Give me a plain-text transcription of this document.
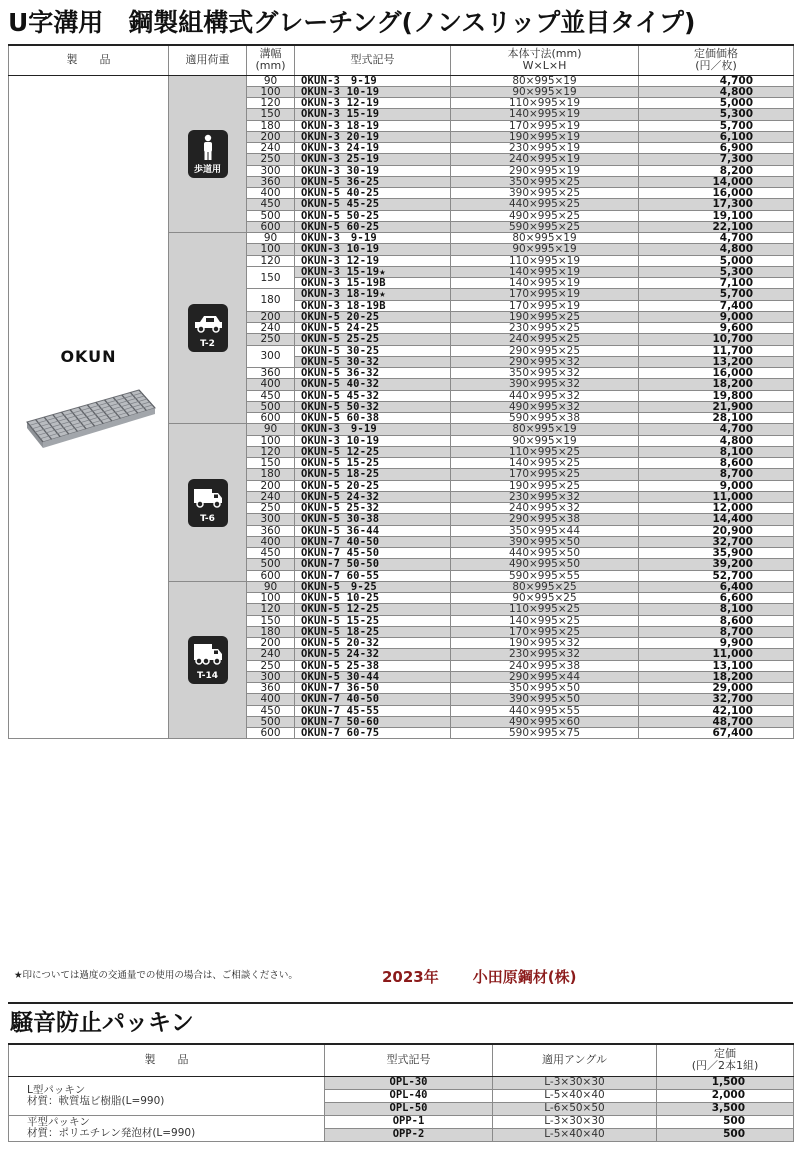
U字溝用　鋼製組構式グレーチング(ノンスリップ並目タイプ)
製　　品	適用荷重	溝幅
(mm)	型式記号	本体寸法(mm)
W×L×H	定価価格
(円／枚)

OKUN	歩道用	90	OKUN-3　9-19	80×995×19	4,700
		100	OKUN-3 10-19	90×995×19	4,800
		120	OKUN-3 12-19	110×995×19	5,000
		150	OKUN-3 15-19	140×995×19	5,300
		180	OKUN-3 18-19	170×995×19	5,700
		200	OKUN-3 20-19	190×995×19	6,100
		240	OKUN-3 24-19	230×995×19	6,900
		250	OKUN-3 25-19	240×995×19	7,300
		300	OKUN-3 30-19	290×995×19	8,200
		360	OKUN-5 36-25	350×995×25	14,000
		400	OKUN-5 40-25	390×995×25	16,000
		450	OKUN-5 45-25	440×995×25	17,300
		500	OKUN-5 50-25	490×995×25	19,100
		600	OKUN-5 60-25	590×995×25	22,100

	T-2	90	OKUN-3　9-19	80×995×19	4,700
		100	OKUN-3 10-19	90×995×19	4,800
		120	OKUN-3 12-19	110×995×19	5,000
		150	OKUN-3 15-19★	140×995×19	5,300
			OKUN-3 15-19B	140×995×19	7,100
		180	OKUN-3 18-19★	170×995×19	5,700
			OKUN-3 18-19B	170×995×19	7,400
		200	OKUN-5 20-25	190×995×25	9,000
		240	OKUN-5 24-25	230×995×25	9,600
		250	OKUN-5 25-25	240×995×25	10,700
		300	OKUN-5 30-25	290×995×25	11,700
			OKUN-5 30-32	290×995×32	13,200
		360	OKUN-5 36-32	350×995×32	16,000
		400	OKUN-5 40-32	390×995×32	18,200
		450	OKUN-5 45-32	440×995×32	19,800
		500	OKUN-5 50-32	490×995×32	21,900
		600	OKUN-5 60-38	590×995×38	28,100

	T-6	90	OKUN-3　9-19	80×995×19	4,700
		100	OKUN-3 10-19	90×995×19	4,800
		120	OKUN-5 12-25	110×995×25	8,100
		150	OKUN-5 15-25	140×995×25	8,600
		180	OKUN-5 18-25	170×995×25	8,700
		200	OKUN-5 20-25	190×995×25	9,000
		240	OKUN-5 24-32	230×995×32	11,000
		250	OKUN-5 25-32	240×995×32	12,000
		300	OKUN-5 30-38	290×995×38	14,400
		360	OKUN-5 36-44	350×995×44	20,900
		400	OKUN-7 40-50	390×995×50	32,700
		450	OKUN-7 45-50	440×995×50	35,900
		500	OKUN-7 50-50	490×995×50	39,200
		600	OKUN-7 60-55	590×995×55	52,700

	T-14	90	OKUN-5　9-25	80×995×25	6,400
		100	OKUN-5 10-25	90×995×25	6,600
		120	OKUN-5 12-25	110×995×25	8,100
		150	OKUN-5 15-25	140×995×25	8,600
		180	OKUN-5 18-25	170×995×25	8,700
		200	OKUN-5 20-32	190×995×32	9,900
		240	OKUN-5 24-32	230×995×32	11,000
		250	OKUN-5 25-38	240×995×38	13,100
		300	OKUN-5 30-44	290×995×44	18,200
		360	OKUN-7 36-50	350×995×50	29,000
		400	OKUN-7 40-50	390×995×50	32,700
		450	OKUN-7 45-55	440×995×55	42,100
		500	OKUN-7 50-60	490×995×60	48,700
		600	OKUN-7 60-75	590×995×75	67,400
★印については過度の交通量での使用の場合は、ご相談ください。	2023年 小田原鋼材(株)
騒音防止パッキン
製　　品	型式記号	適用アングル	定価
(円／2本1組)

L型パッキン
材質：軟質塩ビ樹脂(L=990)	OPL-30	L-3×30×30	1,500
	OPL-40	L-5×40×40	2,000
	OPL-50	L-6×50×50	3,500

平型パッキン
材質：ポリエチレン発泡材(L=990)	OPP-1	L-3×30×30	500
	OPP-2	L-5×40×40	500
